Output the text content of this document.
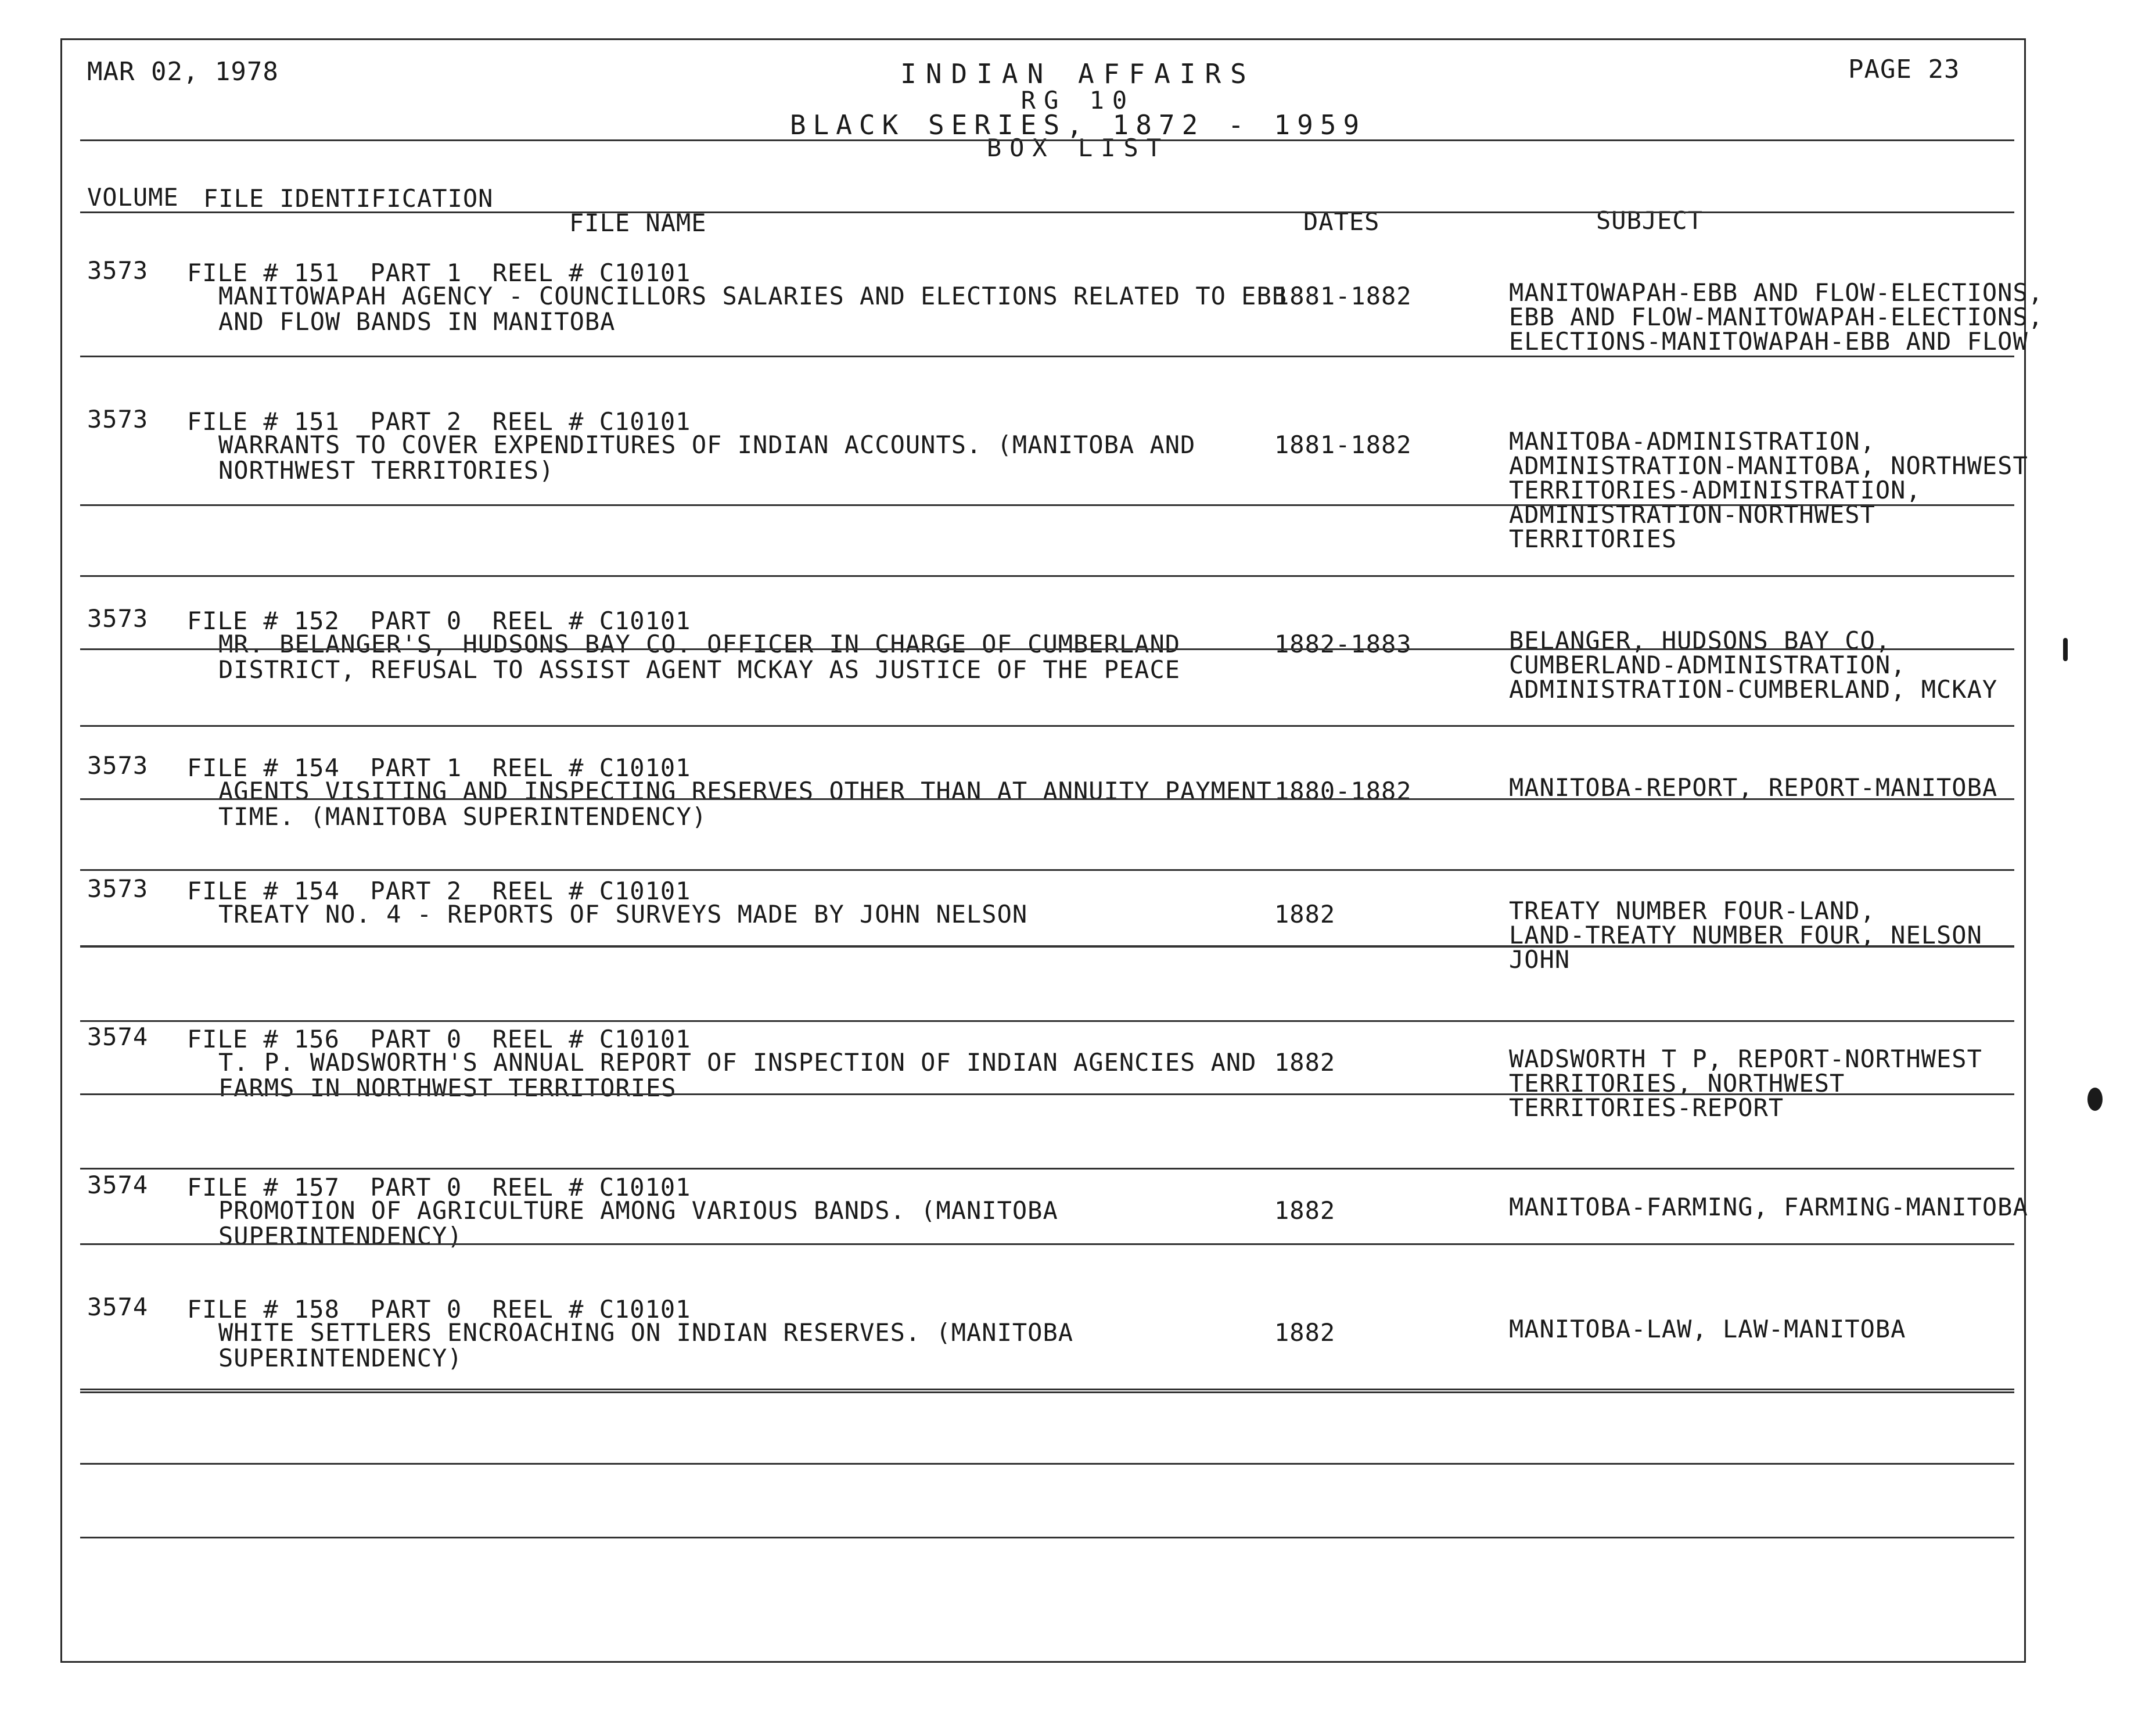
MAR 02, 1978	INDIAN AFFAIRS
RG 10
BLACK SERIES, 1872 - 1959
BOX LIST
PAGE 23
VOLUME FILE IDENTIFICATION
FILE NAME	DATES	SUBJECT
3573 FILE # 151  PART 1  REEL # C10101
MANITOWAPAH AGENCY - COUNCILLORS SALARIES AND ELECTIONS RELATED TO EBB
AND FLOW BANDS IN MANITOBA
1881-1882	MANITOWAPAH-EBB AND FLOW-ELECTIONS,
EBB AND FLOW-MANITOWAPAH-ELECTIONS,
ELECTIONS-MANITOWAPAH-EBB AND FLOW
3573 FILE # 151  PART 2  REEL # C10101
WARRANTS TO COVER EXPENDITURES OF INDIAN ACCOUNTS. (MANITOBA AND
NORTHWEST TERRITORIES)
1881-1882	MANITOBA-ADMINISTRATION,
ADMINISTRATION-MANITOBA, NORTHWEST
TERRITORIES-ADMINISTRATION,
ADMINISTRATION-NORTHWEST
TERRITORIES
3573 FILE # 152  PART 0  REEL # C10101
MR. BELANGER'S, HUDSONS BAY CO. OFFICER IN CHARGE OF CUMBERLAND
DISTRICT, REFUSAL TO ASSIST AGENT MCKAY AS JUSTICE OF THE PEACE
1882-1883	BELANGER, HUDSONS BAY CO,
CUMBERLAND-ADMINISTRATION,
ADMINISTRATION-CUMBERLAND, MCKAY
3573 FILE # 154  PART 1  REEL # C10101
AGENTS VISITING AND INSPECTING RESERVES OTHER THAN AT ANNUITY PAYMENT
TIME. (MANITOBA SUPERINTENDENCY)
1880-1882	MANITOBA-REPORT, REPORT-MANITOBA
3573 FILE # 154  PART 2  REEL # C10101
TREATY NO. 4 - REPORTS OF SURVEYS MADE BY JOHN NELSON	1882	TREATY NUMBER FOUR-LAND,
LAND-TREATY NUMBER FOUR, NELSON
JOHN
3574 FILE # 156  PART 0  REEL # C10101
T. P. WADSWORTH'S ANNUAL REPORT OF INSPECTION OF INDIAN AGENCIES AND
FARMS IN NORTHWEST TERRITORIES
1882	WADSWORTH T P, REPORT-NORTHWEST
TERRITORIES, NORTHWEST
TERRITORIES-REPORT
3574 FILE # 157  PART 0  REEL # C10101
PROMOTION OF AGRICULTURE AMONG VARIOUS BANDS. (MANITOBA
SUPERINTENDENCY)
1882	MANITOBA-FARMING, FARMING-MANITOBA
3574 FILE # 158  PART 0  REEL # C10101
WHITE SETTLERS ENCROACHING ON INDIAN RESERVES. (MANITOBA
SUPERINTENDENCY)
1882	MANITOBA-LAW, LAW-MANITOBA
